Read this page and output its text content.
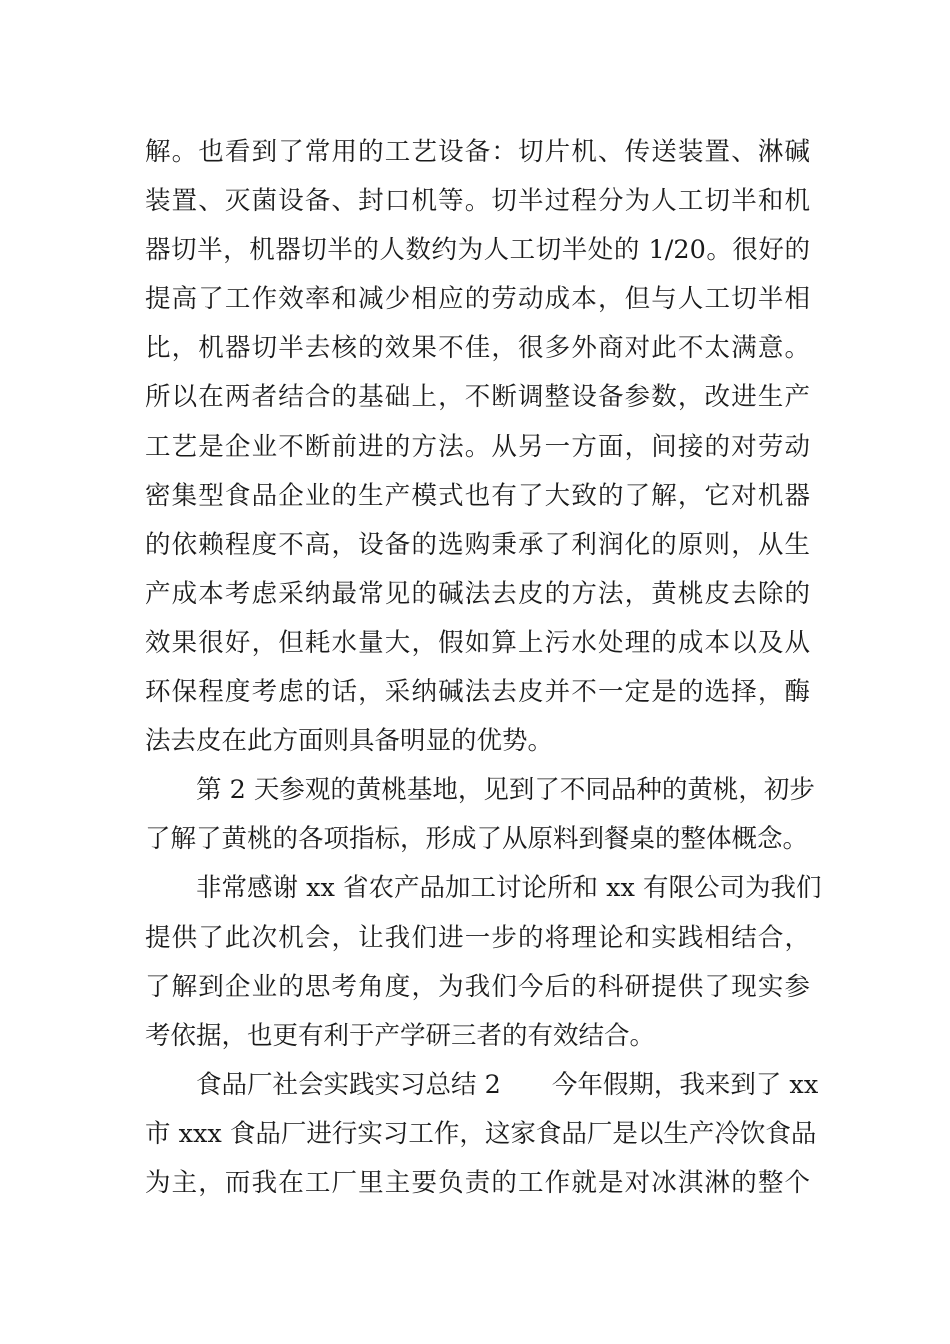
解。也看到了常用的工艺设备：切片机、传送装置、淋碱
装置、灭菌设备、封口机等。切半过程分为人工切半和机
器切半，机器切半的人数约为人工切半处的 1/20。很好的
提高了工作效率和减少相应的劳动成本，但与人工切半相
比，机器切半去核的效果不佳，很多外商对此不太满意。
所以在两者结合的基础上，不断调整设备参数，改进生产
工艺是企业不断前进的方法。从另一方面，间接的对劳动
密集型食品企业的生产模式也有了大致的了解，它对机器
的依赖程度不高，设备的选购秉承了利润化的原则，从生
产成本考虑采纳最常见的碱法去皮的方法，黄桃皮去除的
效果很好，但耗水量大，假如算上污水处理的成本以及从
环保程度考虑的话，采纳碱法去皮并不一定是的选择，酶
法去皮在此方面则具备明显的优势。
第 2 天参观的黄桃基地，见到了不同品种的黄桃，初步
了解了黄桃的各项指标，形成了从原料到餐桌的整体概念。
非常感谢 xx 省农产品加工讨论所和 xx 有限公司为我们
提供了此次机会，让我们进一步的将理论和实践相结合，
了解到企业的思考角度，为我们今后的科研提供了现实参
考依据，也更有利于产学研三者的有效结合。
食品厂社会实践实习总结 2　　今年假期，我来到了 xx
市 xxx 食品厂进行实习工作，这家食品厂是以生产冷饮食品
为主，而我在工厂里主要负责的工作就是对冰淇淋的整个
